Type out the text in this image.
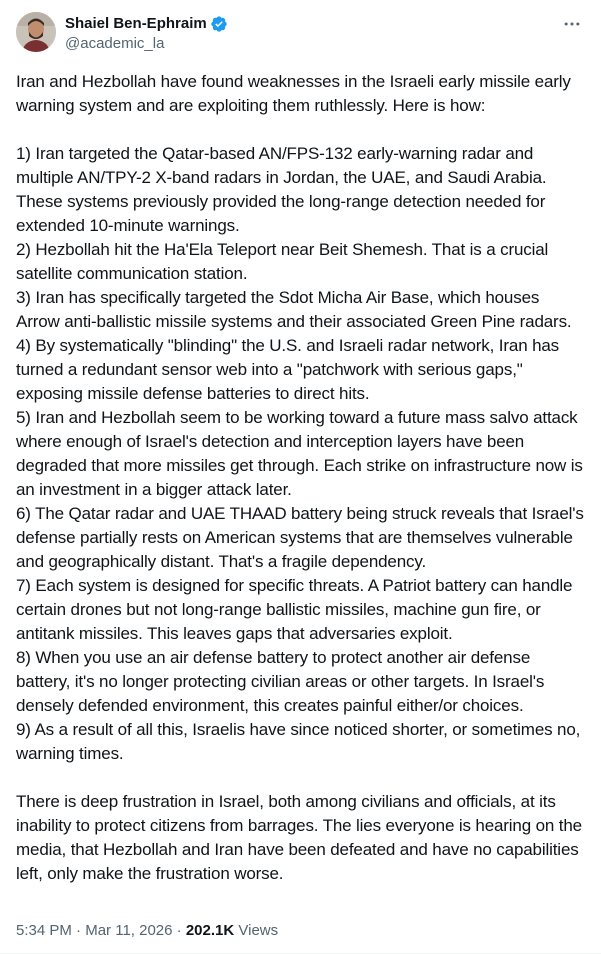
Shaiel Ben-Ephraim
@academic_la
Iran and Hezbollah have found weaknesses in the Israeli early missile early warning system and are exploiting them ruthlessly. Here is how:

1) Iran targeted the Qatar-based AN/FPS-132 early-warning radar and multiple AN/TPY-2 X-band radars in Jordan, the UAE, and Saudi Arabia. These systems previously provided the long-range detection needed for extended 10-minute warnings.
2) Hezbollah hit the Ha'Ela Teleport near Beit Shemesh. That is a crucial satellite communication station.
3) Iran has specifically targeted the Sdot Micha Air Base, which houses Arrow anti-ballistic missile systems and their associated Green Pine radars.
4) By systematically "blinding" the U.S. and Israeli radar network, Iran has turned a redundant sensor web into a "patchwork with serious gaps," exposing missile defense batteries to direct hits.
5) Iran and Hezbollah seem to be working toward a future mass salvo attack where enough of Israel's detection and interception layers have been degraded that more missiles get through. Each strike on infrastructure now is an investment in a bigger attack later.
6) The Qatar radar and UAE THAAD battery being struck reveals that Israel's defense partially rests on American systems that are themselves vulnerable and geographically distant. That's a fragile dependency.
7) Each system is designed for specific threats. A Patriot battery can handle certain drones but not long-range ballistic missiles, machine gun fire, or antitank missiles. This leaves gaps that adversaries exploit.
8) When you use an air defense battery to protect another air defense battery, it's no longer protecting civilian areas or other targets. In Israel's densely defended environment, this creates painful either/or choices.
9) As a result of all this, Israelis have since noticed shorter, or sometimes no, warning times.

There is deep frustration in Israel, both among civilians and officials, at its inability to protect citizens from barrages. The lies everyone is hearing on the media, that Hezbollah and Iran have been defeated and have no capabilities left, only make the frustration worse.
5:34 PM · Mar 11, 2026 · 202.1K Views
